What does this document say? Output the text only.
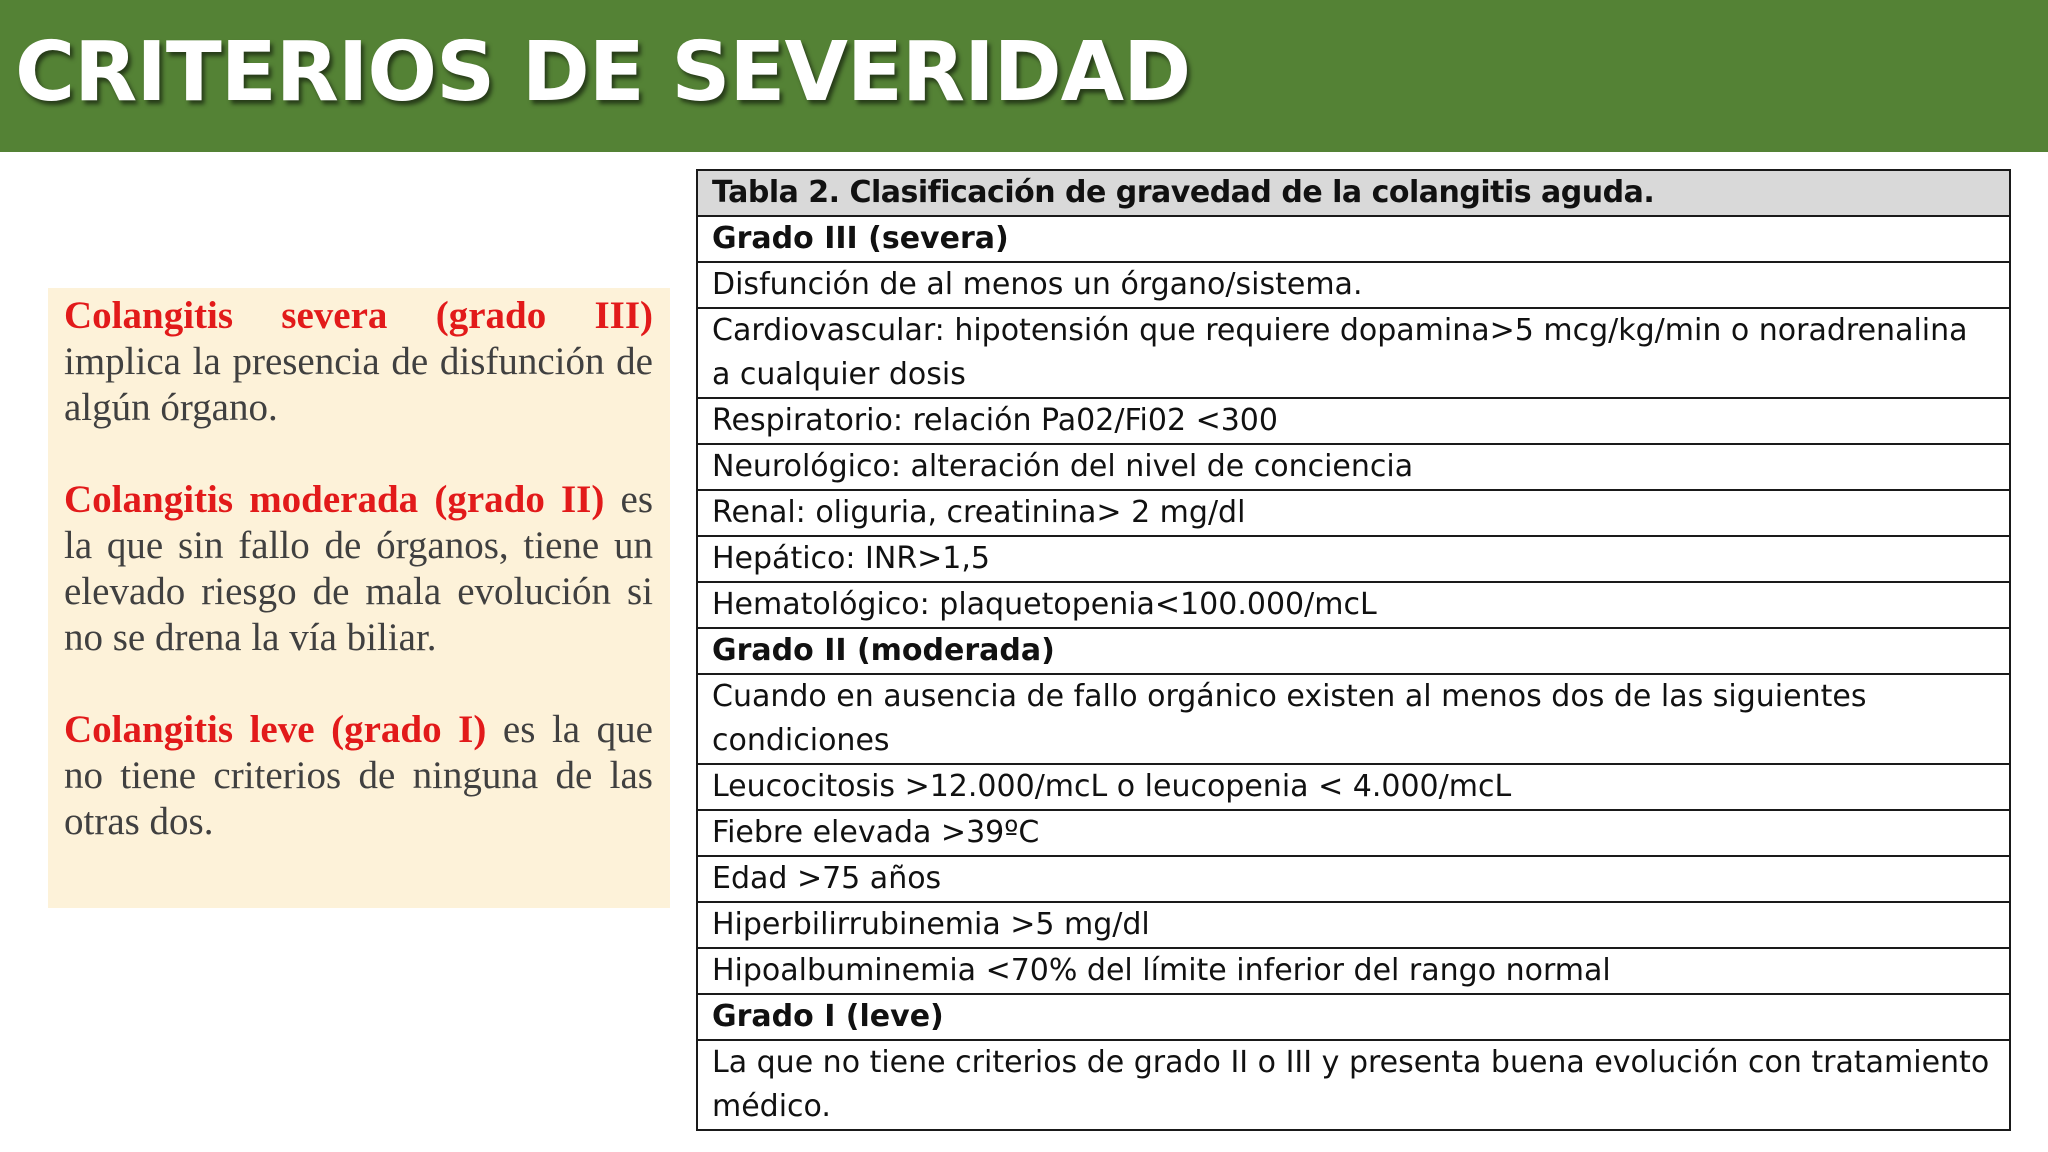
CRITERIOS DE SEVERIDAD

Colangitis severa (grado III) implica la presencia de disfunción de algún órgano.

Colangitis moderada (grado II) es la que sin fallo de órganos, tiene un elevado riesgo de mala evolución si no se drena la vía biliar.

Colangitis leve (grado I) es la que no tiene criterios de ninguna de las otras dos.

Tabla 2. Clasificación de gravedad de la colangitis aguda.
Grado III (severa)
Disfunción de al menos un órgano/sistema.
Cardiovascular: hipotensión que requiere dopamina>5 mcg/kg/min o noradrenalina a cualquier dosis
Respiratorio: relación Pa02/Fi02 <300
Neurológico: alteración del nivel de conciencia
Renal: oliguria, creatinina> 2 mg/dl
Hepático: INR>1,5
Hematológico: plaquetopenia<100.000/mcL
Grado II (moderada)
Cuando en ausencia de fallo orgánico existen al menos dos de las siguientes condiciones
Leucocitosis >12.000/mcL o leucopenia < 4.000/mcL
Fiebre elevada >39ºC
Edad >75 años
Hiperbilirrubinemia >5 mg/dl
Hipoalbuminemia <70% del límite inferior del rango normal
Grado I (leve)
La que no tiene criterios de grado II o III y presenta buena evolución con tratamiento médico.
